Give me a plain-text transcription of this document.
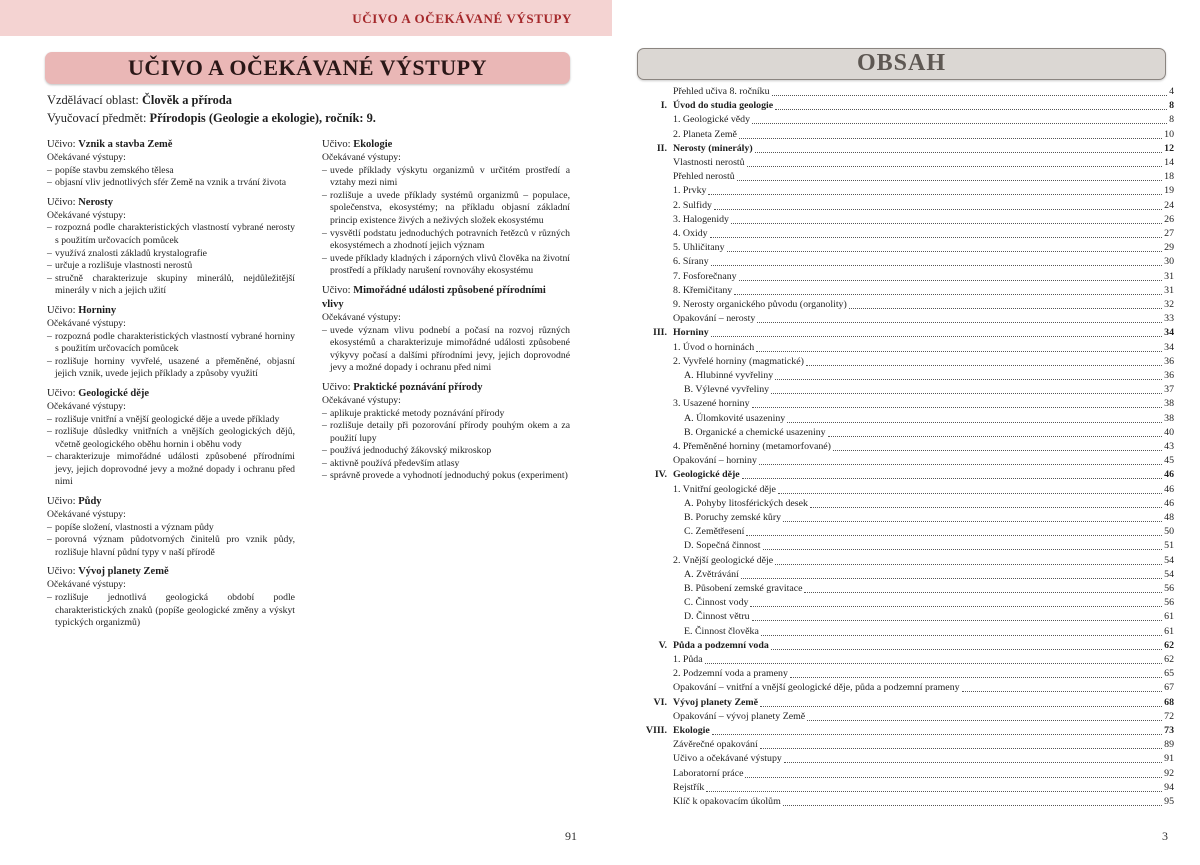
UČIVO A OČEKÁVANÉ VÝSTUPY
UČIVO A OČEKÁVANÉ VÝSTUPY
Vzdělávací oblast: Člověk a příroda
Vyučovací předmět: Přírodopis (Geologie a ekologie), ročník: 9.
Učivo: Vznik a stavba Země
Očekávané výstupy:
– popíše stavbu zemského tělesa
– objasní vliv jednotlivých sfér Země na vznik a trvání života
Učivo: Nerosty
Očekávané výstupy:
– rozpozná podle charakteristických vlastností vybrané nerosty s použitím určovacích pomůcek
– využívá znalosti základů krystalografie
– určuje a rozlišuje vlastnosti nerostů
– stručně charakterizuje skupiny minerálů, nejdůležitější minerály v nich a jejich užití
Učivo: Horniny
Očekávané výstupy:
– rozpozná podle charakteristických vlastností vybrané horniny s použitím určovacích pomůcek
– rozlišuje horniny vyvřelé, usazené a přeměněné, objasní jejich vznik, uvede jejich příklady a způsoby využití
Učivo: Geologické děje
Očekávané výstupy:
– rozlišuje vnitřní a vnější geologické děje a uvede příklady
– rozlišuje důsledky vnitřních a vnějších geologických dějů, včetně geologického oběhu hornin i oběhu vody
– charakterizuje mimořádné události způsobené přírodními jevy, jejich doprovodné jevy a možné dopady i ochranu před nimi
Učivo: Půdy
Očekávané výstupy:
– popíše složení, vlastnosti a význam půdy
– porovná význam půdotvorných činitelů pro vznik půdy, rozlišuje hlavní půdní typy v naší přírodě
Učivo: Vývoj planety Země
Očekávané výstupy:
– rozlišuje jednotlivá geologická období podle charakteristických znaků (popíše geologické změny a výskyt typických organizmů)
Učivo: Ekologie
Očekávané výstupy:
– uvede příklady výskytu organizmů v určitém prostředí a vztahy mezi nimi
– rozlišuje a uvede příklady systémů organizmů – populace, společenstva, ekosystémy; na příkladu objasní základní princip existence živých a neživých složek ekosystému
– vysvětlí podstatu jednoduchých potravních řetězců v různých ekosystémech a zhodnotí jejich význam
– uvede příklady kladných i záporných vlivů člověka na životní prostředí a příklady narušení rovnováhy ekosystému
Učivo: Mimořádné události způsobené přírodními vlivy
Očekávané výstupy:
– uvede význam vlivu podnebí a počasí na rozvoj různých ekosystémů a charakterizuje mimořádné události způsobené výkyvy počasí a dalšími přírodními jevy, jejich doprovodné jevy a možné dopady i ochranu před nimi
Učivo: Praktické poznávání přírody
Očekávané výstupy:
– aplikuje praktické metody poznávání přírody
– rozlišuje detaily při pozorování přírody pouhým okem a za použití lupy
– používá jednoduchý žákovský mikroskop
– aktivně používá především atlasy
– správně provede a vyhodnotí jednoduchý pokus (experiment)
91
OBSAH
Přehled učiva 8. ročníku	4
I. Úvod do studia geologie	8
1. Geologické vědy	8
2. Planeta Země	10
II. Nerosty (minerály)	12
Vlastnosti nerostů	14
Přehled nerostů	18
1. Prvky	19
2. Sulfidy	24
3. Halogenidy	26
4. Oxidy	27
5. Uhličitany	29
6. Sírany	30
7. Fosforečnany	31
8. Křemičitany	31
9. Nerosty organického původu (organolity)	32
Opakování – nerosty	33
III. Horniny	34
1. Úvod o horninách	34
2. Vyvřelé horniny (magmatické)	36
A. Hlubinné vyvřeliny	36
B. Výlevné vyvřeliny	37
3. Usazené horniny	38
A. Úlomkovité usazeniny	38
B. Organické a chemické usazeniny	40
4. Přeměněné horniny (metamorfované)	43
Opakování – horniny	45
IV. Geologické děje	46
1. Vnitřní geologické děje	46
A. Pohyby litosférických desek	46
B. Poruchy zemské kůry	48
C. Zemětřesení	50
D. Sopečná činnost	51
2. Vnější geologické děje	54
A. Zvětrávání	54
B. Působení zemské gravitace	56
C. Činnost vody	56
D. Činnost větru	61
E. Činnost člověka	61
V. Půda a podzemní voda	62
1. Půda	62
2. Podzemní voda a prameny	65
Opakování – vnitřní a vnější geologické děje, půda a podzemní prameny	67
VI. Vývoj planety Země	68
Opakování – vývoj planety Země	72
VIII. Ekologie	73
Závěrečné opakování	89
Učivo a očekávané výstupy	91
Laboratorní práce	92
Rejstřík	94
Klíč k opakovacím úkolům	95
3
